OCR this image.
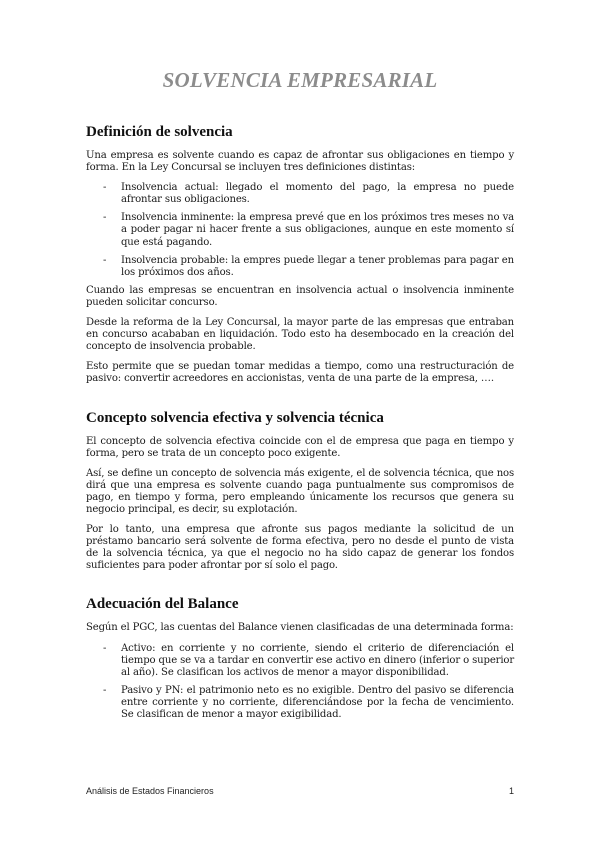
SOLVENCIA EMPRESARIAL
Definición de solvencia

Una empresa es solvente cuando es capaz de afrontar sus obligaciones en tiempo y forma. En la Ley Concursal se incluyen tres definiciones distintas:

- Insolvencia actual: llegado el momento del pago, la empresa no puede afrontar sus obligaciones.
- Insolvencia inminente: la empresa prevé que en los próximos tres meses no va a poder pagar ni hacer frente a sus obligaciones, aunque en este momento sí que está pagando.
- Insolvencia probable: la empres puede llegar a tener problemas para pagar en los próximos dos años.

Cuando las empresas se encuentran en insolvencia actual o insolvencia inminente pueden solicitar concurso.

Desde la reforma de la Ley Concursal, la mayor parte de las empresas que entraban en concurso acababan en liquidación. Todo esto ha desembocado en la creación del concepto de insolvencia probable.

Esto permite que se puedan tomar medidas a tiempo, como una restructuración de pasivo: convertir acreedores en accionistas, venta de una parte de la empresa, ….

Concepto solvencia efectiva y solvencia técnica

El concepto de solvencia efectiva coincide con el de empresa que paga en tiempo y forma, pero se trata de un concepto poco exigente.

Así, se define un concepto de solvencia más exigente, el de solvencia técnica, que nos dirá que una empresa es solvente cuando paga puntualmente sus compromisos de pago, en tiempo y forma, pero empleando únicamente los recursos que genera su negocio principal, es decir, su explotación.

Por lo tanto, una empresa que afronte sus pagos mediante la solicitud de un préstamo bancario será solvente de forma efectiva, pero no desde el punto de vista de la solvencia técnica, ya que el negocio no ha sido capaz de generar los fondos suficientes para poder afrontar por sí solo el pago.

Adecuación del Balance

Según el PGC, las cuentas del Balance vienen clasificadas de una determinada forma:

- Activo: en corriente y no corriente, siendo el criterio de diferenciación el tiempo que se va a tardar en convertir ese activo en dinero (inferior o superior al año). Se clasifican los activos de menor a mayor disponibilidad.
- Pasivo y PN: el patrimonio neto es no exigible. Dentro del pasivo se diferencia entre corriente y no corriente, diferenciándose por la fecha de vencimiento. Se clasifican de menor a mayor exigibilidad.
Análisis de Estados Financieros	1
